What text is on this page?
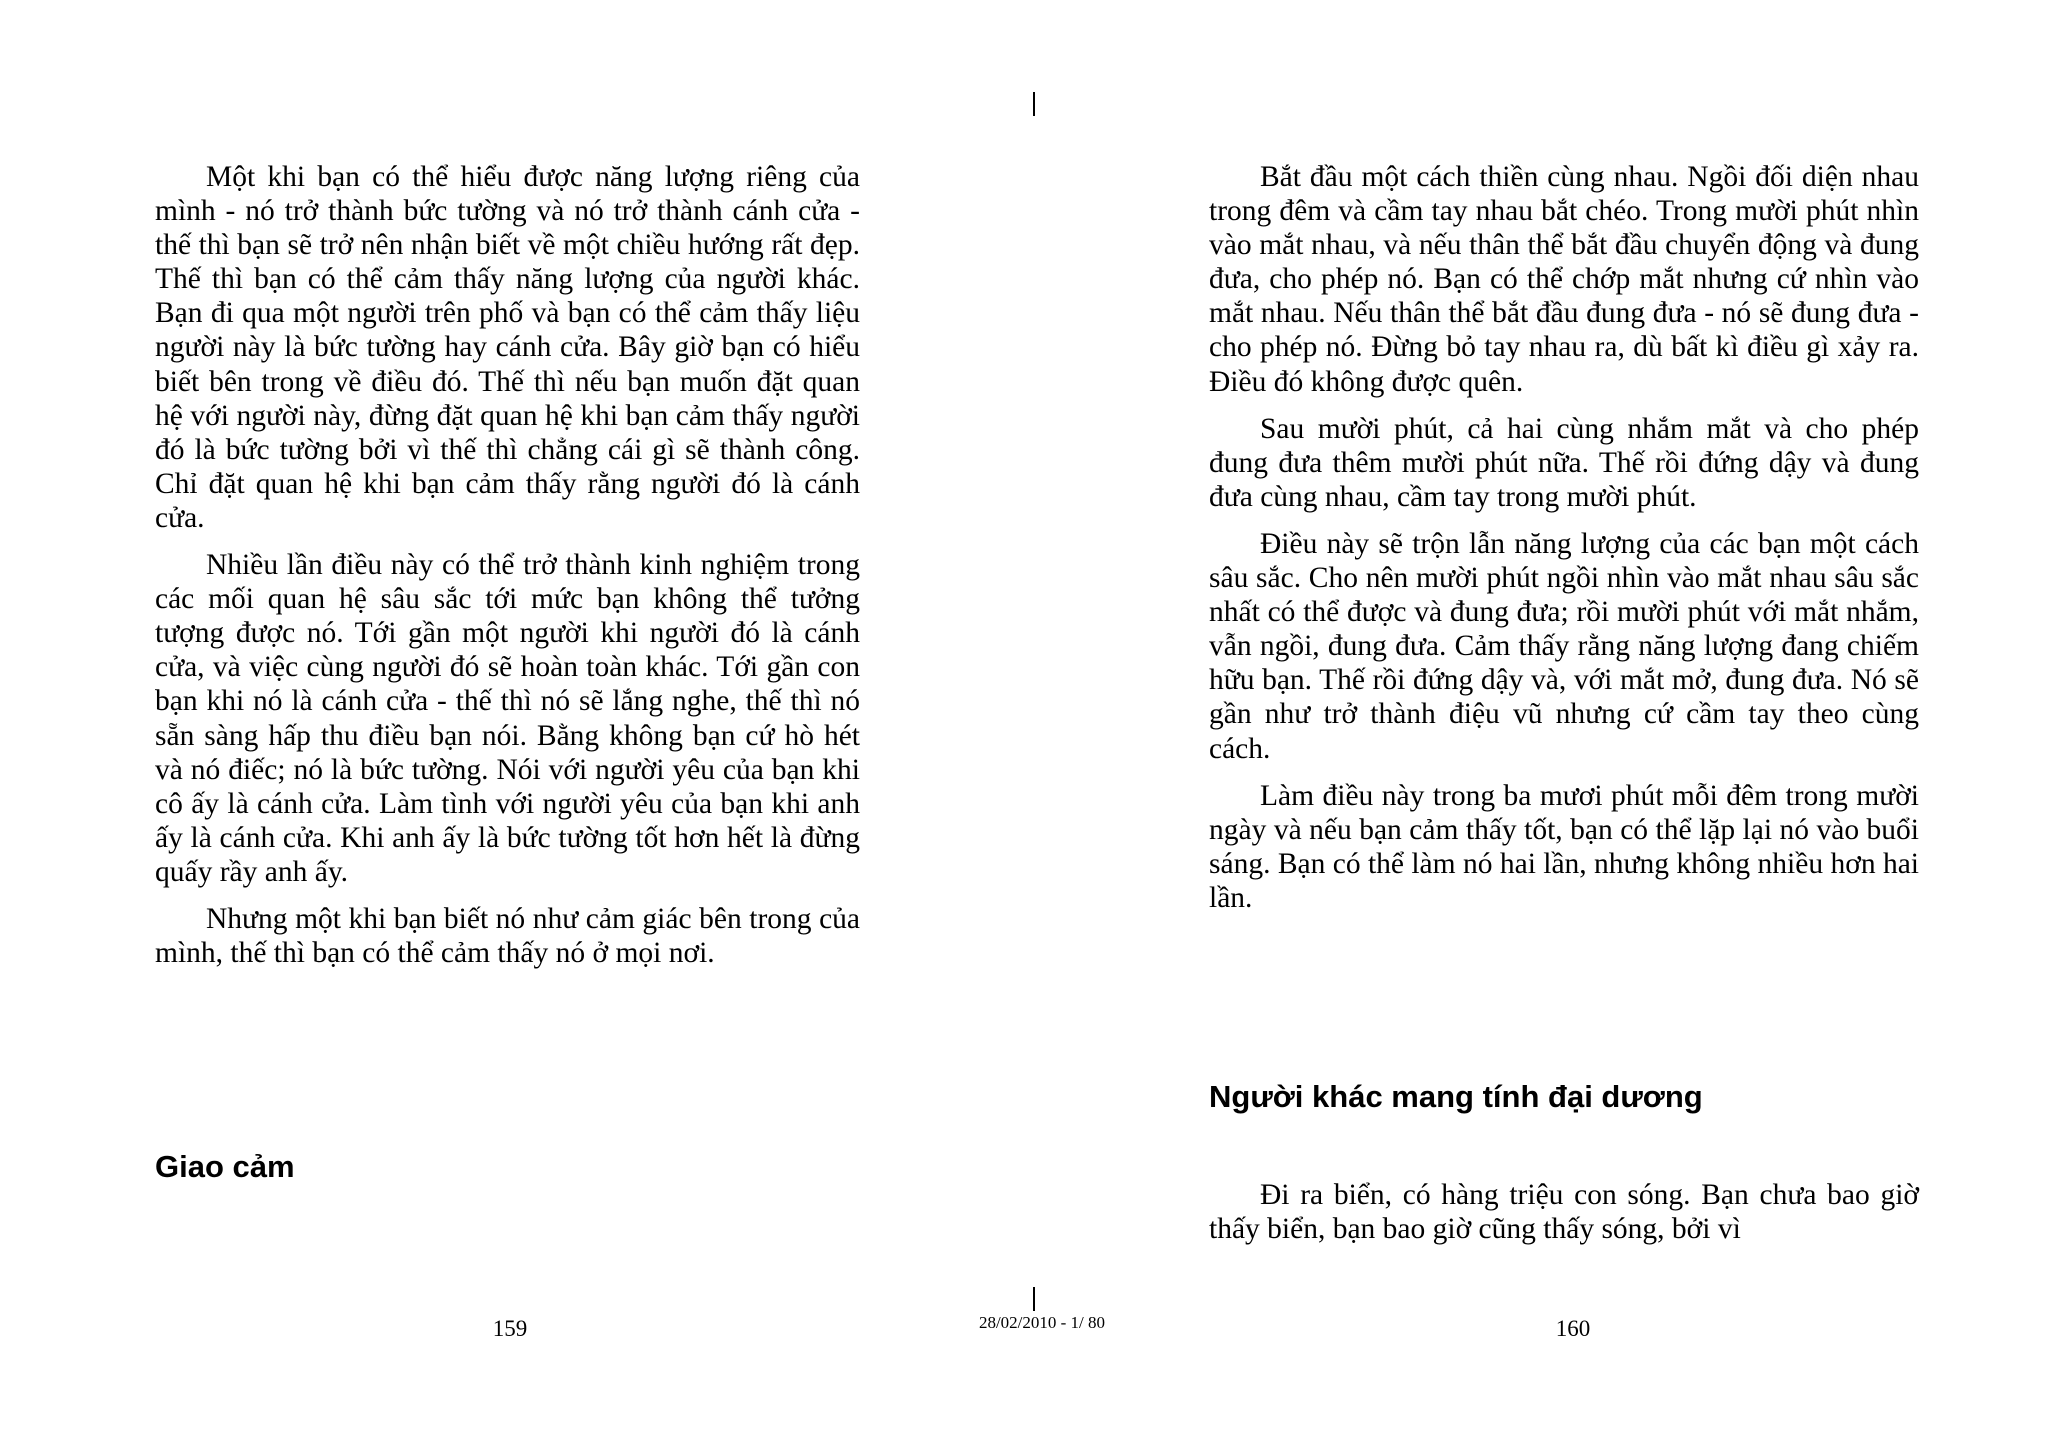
Một khi bạn có thể hiểu được năng lượng riêng của mình - nó trở thành bức tường và nó trở thành cánh cửa - thế thì bạn sẽ trở nên nhận biết về một chiều hướng rất đẹp. Thế thì bạn có thể cảm thấy năng lượng của người khác. Bạn đi qua một người trên phố và bạn có thể cảm thấy liệu người này là bức tường hay cánh cửa. Bây giờ bạn có hiểu biết bên trong về điều đó. Thế thì nếu bạn muốn đặt quan hệ với người này, đừng đặt quan hệ khi bạn cảm thấy người đó là bức tường bởi vì thế thì chẳng cái gì sẽ thành công. Chỉ đặt quan hệ khi bạn cảm thấy rằng người đó là cánh cửa.

Nhiều lần điều này có thể trở thành kinh nghiệm trong các mối quan hệ sâu sắc tới mức bạn không thể tưởng tượng được nó. Tới gần một người khi người đó là cánh cửa, và việc cùng người đó sẽ hoàn toàn khác. Tới gần con bạn khi nó là cánh cửa - thế thì nó sẽ lắng nghe, thế thì nó sẵn sàng hấp thu điều bạn nói. Bằng không bạn cứ hò hét và nó điếc; nó là bức tường. Nói với người yêu của bạn khi cô ấy là cánh cửa. Làm tình với người yêu của bạn khi anh ấy là cánh cửa. Khi anh ấy là bức tường tốt hơn hết là đừng quấy rầy anh ấy.

Nhưng một khi bạn biết nó như cảm giác bên trong của mình, thế thì bạn có thể cảm thấy nó ở mọi nơi.

Giao cảm

Bắt đầu một cách thiền cùng nhau. Ngồi đối diện nhau trong đêm và cầm tay nhau bắt chéo. Trong mười phút nhìn vào mắt nhau, và nếu thân thể bắt đầu chuyển động và đung đưa, cho phép nó. Bạn có thể chớp mắt nhưng cứ nhìn vào mắt nhau. Nếu thân thể bắt đầu đung đưa - nó sẽ đung đưa - cho phép nó. Đừng bỏ tay nhau ra, dù bất kì điều gì xảy ra. Điều đó không được quên.

Sau mười phút, cả hai cùng nhắm mắt và cho phép đung đưa thêm mười phút nữa. Thế rồi đứng dậy và đung đưa cùng nhau, cầm tay trong mười phút.

Điều này sẽ trộn lẫn năng lượng của các bạn một cách sâu sắc. Cho nên mười phút ngồi nhìn vào mắt nhau sâu sắc nhất có thể được và đung đưa; rồi mười phút với mắt nhắm, vẫn ngồi, đung đưa. Cảm thấy rằng năng lượng đang chiếm hữu bạn. Thế rồi đứng dậy và, với mắt mở, đung đưa. Nó sẽ gần như trở thành điệu vũ nhưng cứ cầm tay theo cùng cách.

Làm điều này trong ba mươi phút mỗi đêm trong mười ngày và nếu bạn cảm thấy tốt, bạn có thể lặp lại nó vào buổi sáng. Bạn có thể làm nó hai lần, nhưng không nhiều hơn hai lần.

Người khác mang tính đại dương

Đi ra biển, có hàng triệu con sóng. Bạn chưa bao giờ thấy biển, bạn bao giờ cũng thấy sóng, bởi vì

159	28/02/2010 - 1/ 80	160
